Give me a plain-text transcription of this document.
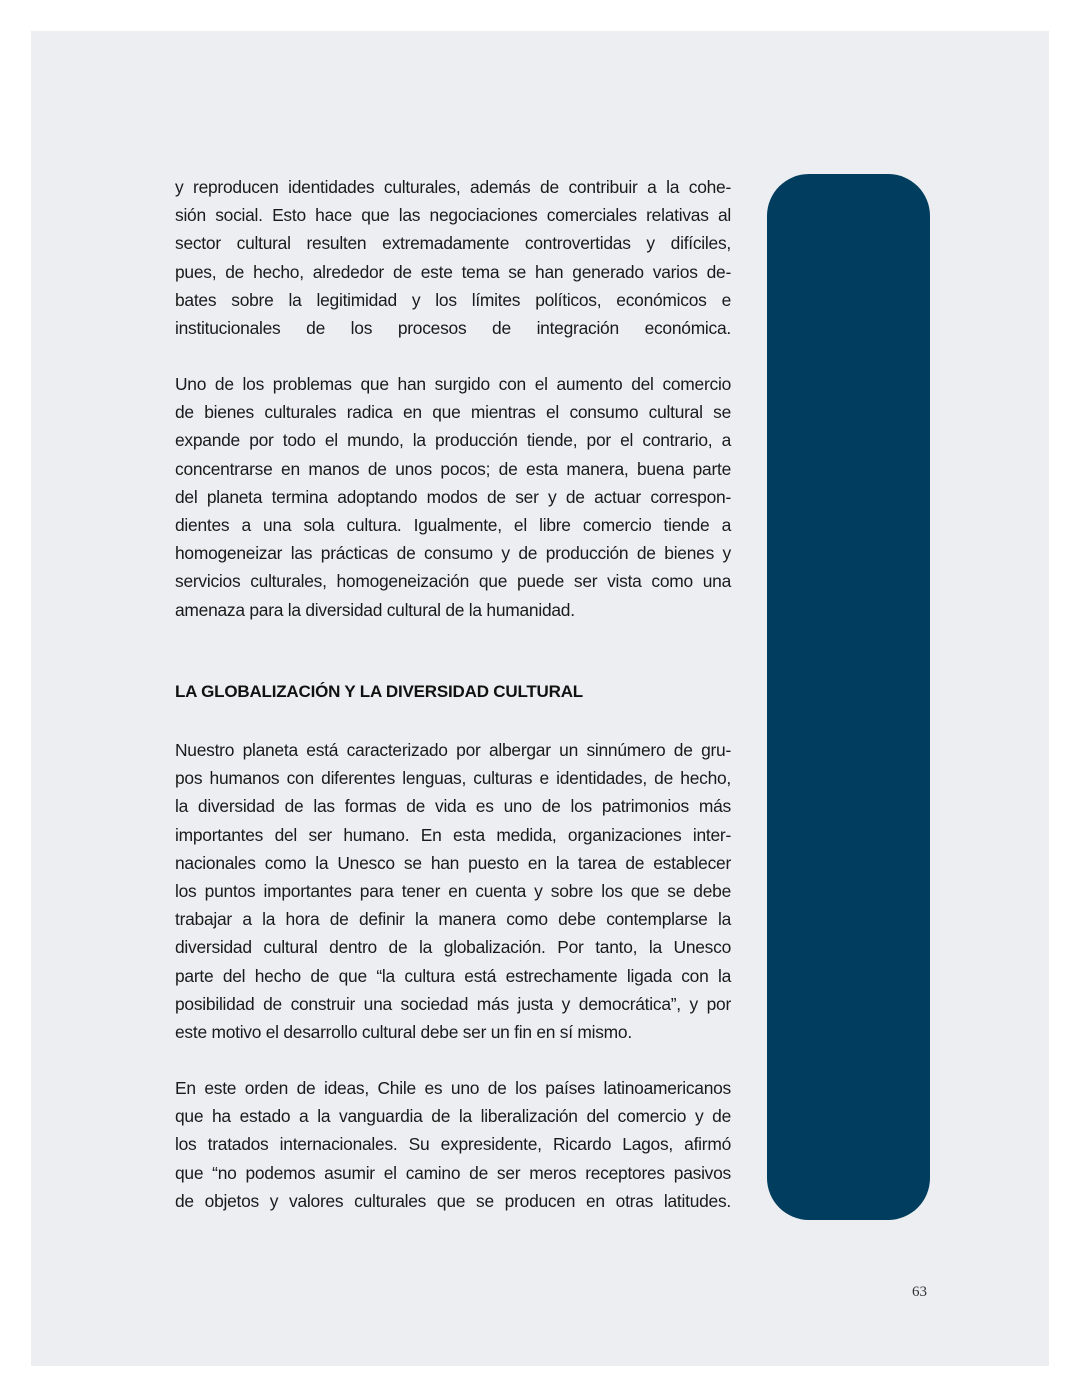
y reproducen identidades culturales, además de contribuir a la cohe-
sión social. Esto hace que las negociaciones comerciales relativas al
sector cultural resulten extremadamente controvertidas y difíciles,
pues, de hecho, alrededor de este tema se han generado varios de-
bates sobre la legitimidad y los límites políticos, económicos e
institucionales de los procesos de integración económica.
Uno de los problemas que han surgido con el aumento del comercio
de bienes culturales radica en que mientras el consumo cultural se
expande por todo el mundo, la producción tiende, por el contrario, a
concentrarse en manos de unos pocos; de esta manera, buena parte
del planeta termina adoptando modos de ser y de actuar correspon-
dientes a una sola cultura. Igualmente, el libre comercio tiende a
homogeneizar las prácticas de consumo y de producción de bienes y
servicios culturales, homogeneización que puede ser vista como una
amenaza para la diversidad cultural de la humanidad.
LA GLOBALIZACIÓN Y LA DIVERSIDAD CULTURAL
Nuestro planeta está caracterizado por albergar un sinnúmero de gru-
pos humanos con diferentes lenguas, culturas e identidades, de hecho,
la diversidad de las formas de vida es uno de los patrimonios más
importantes del ser humano. En esta medida, organizaciones inter-
nacionales como la Unesco se han puesto en la tarea de establecer
los puntos importantes para tener en cuenta y sobre los que se debe
trabajar a la hora de definir la manera como debe contemplarse la
diversidad cultural dentro de la globalización. Por tanto, la Unesco
parte del hecho de que “la cultura está estrechamente ligada con la
posibilidad de construir una sociedad más justa y democrática”, y por
este motivo el desarrollo cultural debe ser un fin en sí mismo.
En este orden de ideas, Chile es uno de los países latinoamericanos
que ha estado a la vanguardia de la liberalización del comercio y de
los tratados internacionales. Su expresidente, Ricardo Lagos, afirmó
que “no podemos asumir el camino de ser meros receptores pasivos
de objetos y valores culturales que se producen en otras latitudes.
63
